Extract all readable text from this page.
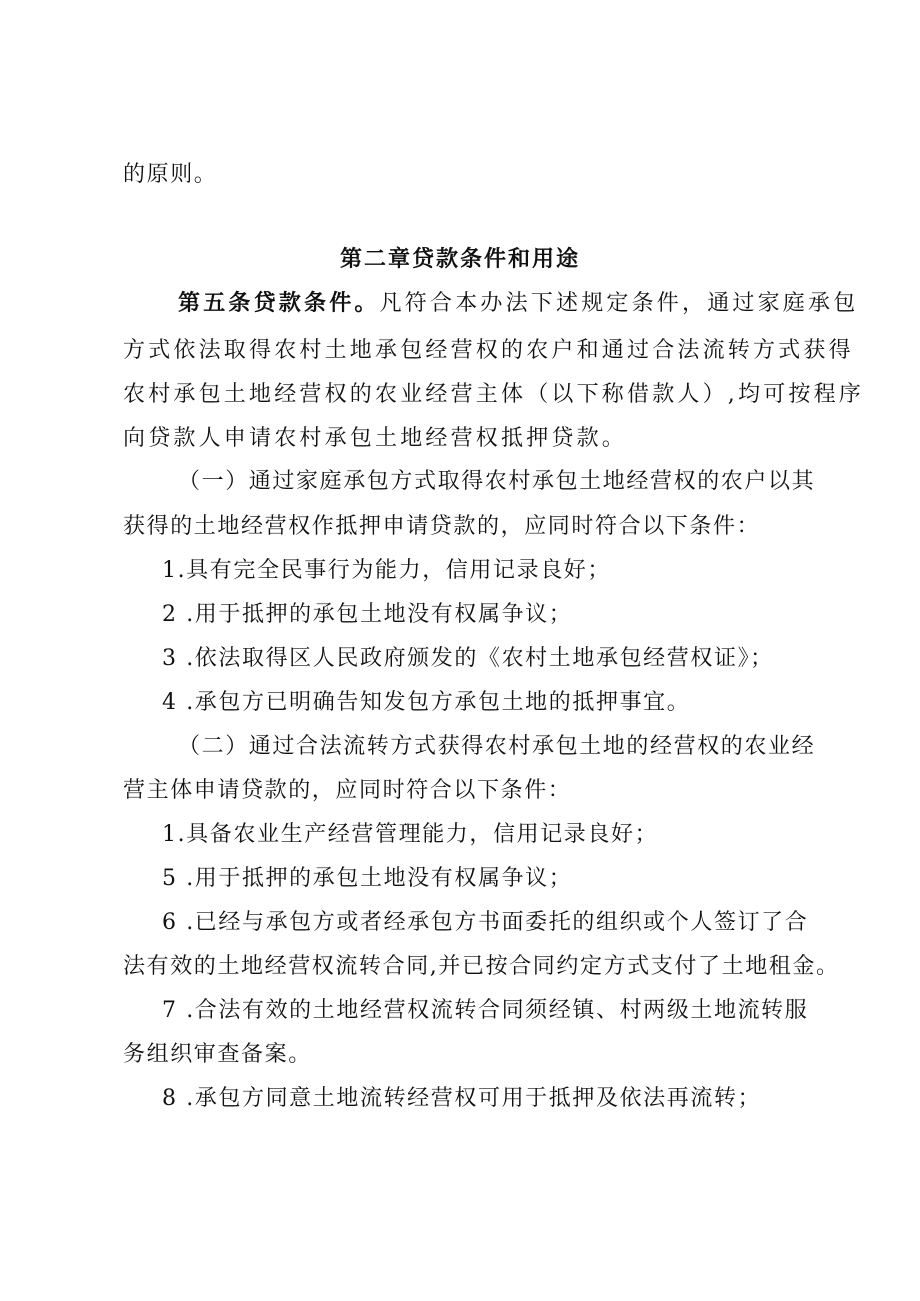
的原则。
第二章贷款条件和用途
第五条贷款条件。凡符合本办法下述规定条件，通过家庭承包
方式依法取得农村土地承包经营权的农户和通过合法流转方式获得
农村承包土地经营权的农业经营主体（以下称借款人）,均可按程序
向贷款人申请农村承包土地经营权抵押贷款。
（一）通过家庭承包方式取得农村承包土地经营权的农户以其
获得的土地经营权作抵押申请贷款的，应同时符合以下条件：
1.具有完全民事行为能力，信用记录良好；
2 .用于抵押的承包土地没有权属争议；
3 .依法取得区人民政府颁发的《农村土地承包经营权证》；
4 .承包方已明确告知发包方承包土地的抵押事宜。
（二）通过合法流转方式获得农村承包土地的经营权的农业经
营主体申请贷款的，应同时符合以下条件：
1.具备农业生产经营管理能力，信用记录良好；
5 .用于抵押的承包土地没有权属争议；
6 .已经与承包方或者经承包方书面委托的组织或个人签订了合
法有效的土地经营权流转合同,并已按合同约定方式支付了土地租金。
7 .合法有效的土地经营权流转合同须经镇、村两级土地流转服
务组织审查备案。
8 .承包方同意土地流转经营权可用于抵押及依法再流转；
